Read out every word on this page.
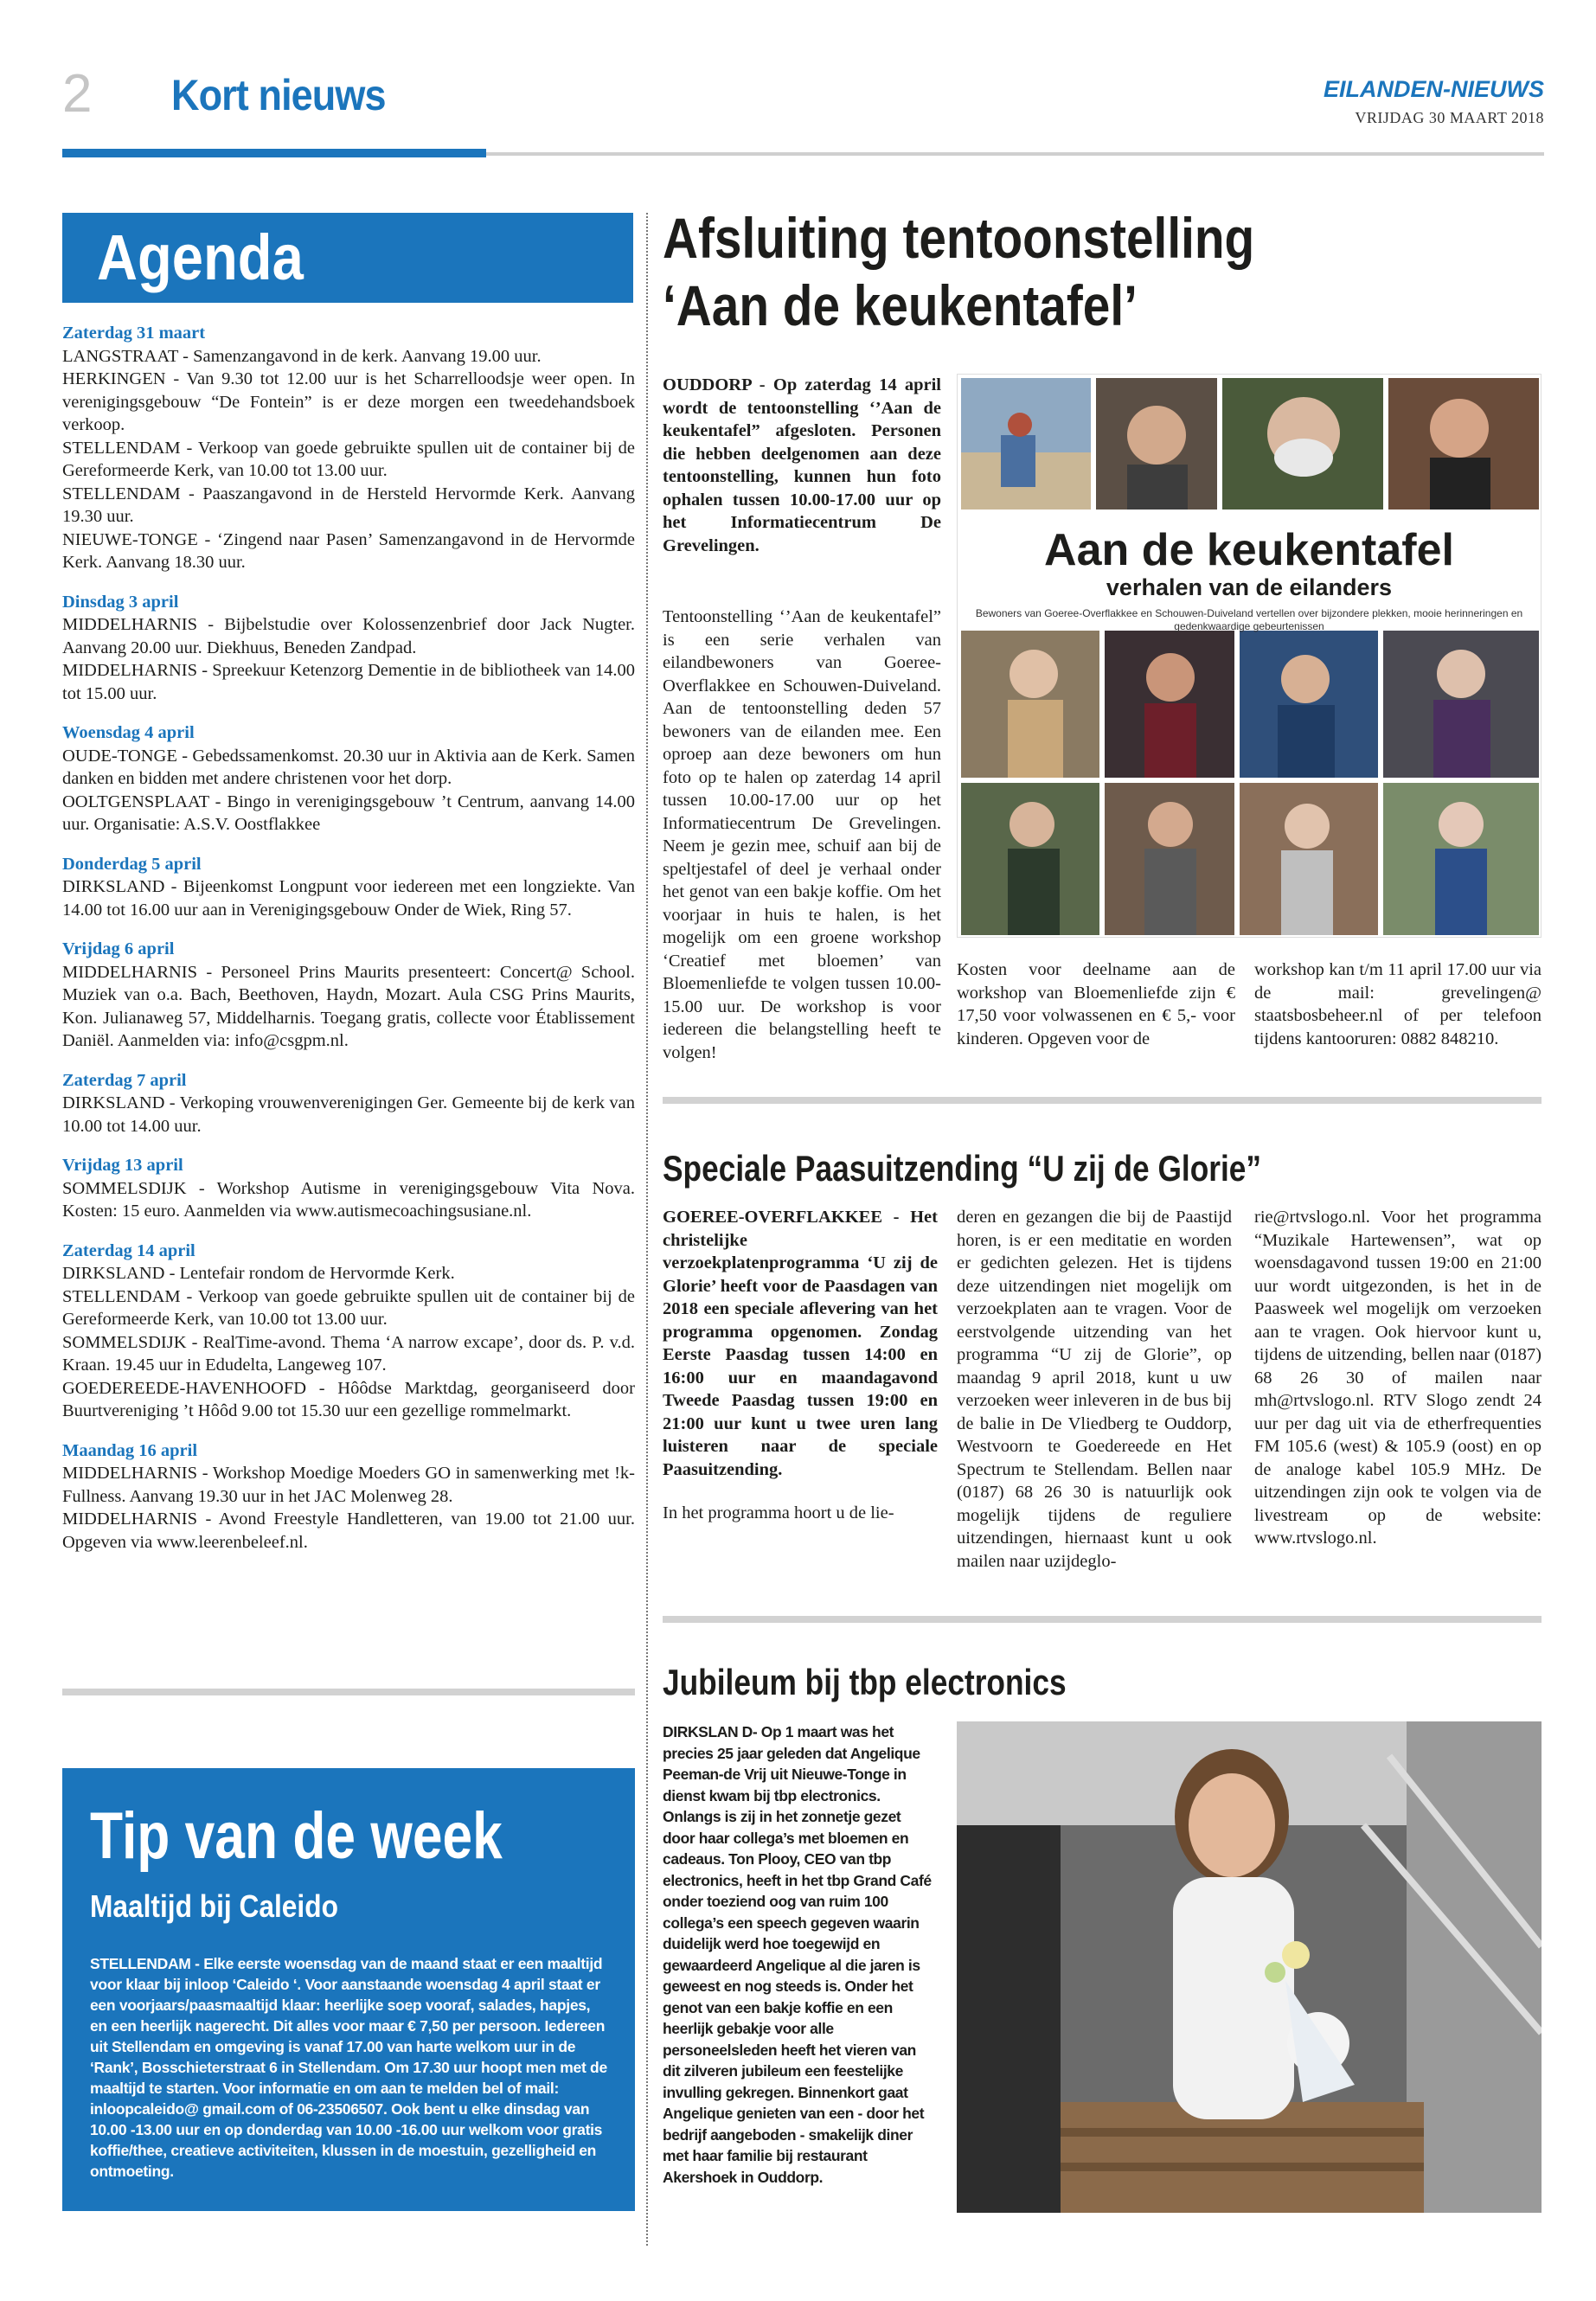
2 Kort nieuws	EILANDEN-NIEUWS
VRIJDAG 30 MAART 2018
Agenda
Zaterdag 31 maart
LANGSTRAAT - Samenzangavond in de kerk. Aanvang 19.00 uur.
HERKINGEN - Van 9.30 tot 12.00 uur is het Scharrelloodsje weer open. In verenigingsgebouw “De Fontein” is er deze morgen een tweedehandsboek verkoop.
STELLENDAM - Verkoop van goede gebruikte spullen uit de container bij de Gereformeerde Kerk, van 10.00 tot 13.00 uur.
STELLENDAM - Paaszangavond in de Hersteld Hervormde Kerk. Aanvang 19.30 uur.
NIEUWE-TONGE - ‘Zingend naar Pasen’ Samenzangavond in de Hervormde Kerk. Aanvang 18.30 uur.
Dinsdag 3 april
MIDDELHARNIS - Bijbelstudie over Kolossenzenbrief door Jack Nugter. Aanvang 20.00 uur. Diekhuus, Beneden Zandpad.
MIDDELHARNIS - Spreekuur Ketenzorg Dementie in de bibliotheek van 14.00 tot 15.00 uur.
Woensdag 4 april
OUDE-TONGE - Gebedssamenkomst. 20.30 uur in Aktivia aan de Kerk. Samen danken en bidden met andere christenen voor het dorp.
OOLTGENSPLAAT - Bingo in verenigingsgebouw ’t Centrum, aanvang 14.00 uur. Organisatie: A.S.V. Oostflakkee
Donderdag 5 april
DIRKSLAND - Bijeenkomst Longpunt voor iedereen met een longziekte. Van 14.00 tot 16.00 uur aan in Verenigingsgebouw Onder de Wiek, Ring 57.
Vrijdag 6 april
MIDDELHARNIS - Personeel Prins Maurits presenteert: Concert@ School. Muziek van o.a. Bach, Beethoven, Haydn, Mozart. Aula CSG Prins Maurits, Kon. Julianaweg 57, Middelharnis. Toegang gratis, collecte voor Établissement Daniël. Aanmelden via: info@csgpm.nl.
Zaterdag 7 april
DIRKSLAND - Verkoping vrouwenverenigingen Ger. Gemeente bij de kerk van 10.00 tot 14.00 uur.
Vrijdag 13 april
SOMMELSDIJK - Workshop Autisme in verenigingsgebouw Vita Nova. Kosten: 15 euro. Aanmelden via www.autismecoachingsusiane.nl.
Zaterdag 14 april
DIRKSLAND - Lentefair rondom de Hervormde Kerk.
STELLENDAM - Verkoop van goede gebruikte spullen uit de container bij de Gereformeerde Kerk, van 10.00 tot 13.00 uur.
SOMMELSDIJK - RealTime-avond. Thema ‘A narrow excape’, door ds. P. v.d. Kraan. 19.45 uur in Edudelta, Langeweg 107.
GOEDEREEDE-HAVENHOOFD - Hôôdse Marktdag, georganiseerd door Buurtvereniging ’t Hôôd 9.00 tot 15.30 uur een gezellige rommelmarkt.
Maandag 16 april
MIDDELHARNIS - Workshop Moedige Moeders GO in samenwerking met !k-Fullness. Aanvang 19.30 uur in het JAC Molenweg 28.
MIDDELHARNIS - Avond Freestyle Handletteren, van 19.00 tot 21.00 uur. Opgeven via www.leerenbeleef.nl.
Tip van de week
Maaltijd bij Caleido
STELLENDAM - Elke eerste woensdag van de maand staat er een maaltijd voor klaar bij inloop ‘Caleido ‘. Voor aanstaande woensdag 4 april staat er een voorjaars/paasmaaltijd klaar: heerlijke soep vooraf, salades, hapjes, en een heerlijk nagerecht. Dit alles voor maar € 7,50 per persoon. Iedereen uit Stellendam en omgeving is vanaf 17.00 van harte welkom uur in de ‘Rank’, Bosschieterstraat 6 in Stellendam. Om 17.30 uur hoopt men met de maaltijd te starten. Voor informatie en om aan te melden bel of mail: inloopcaleido@ gmail.com of 06-23506507. Ook bent u elke dinsdag van 10.00 -13.00 uur en op donderdag van 10.00 -16.00 uur welkom voor gratis koffie/thee, creatieve activiteiten, klussen in de moestuin, gezelligheid en ontmoeting.
Afsluiting tentoonstelling
‘Aan de keukentafel’
OUDDORP - Op zaterdag 14 april wordt de tentoonstelling ‘’Aan de keukentafel” afgesloten. Personen die hebben deelgenomen aan deze tentoonstelling, kunnen hun foto ophalen tussen 10.00-17.00 uur op het Informatiecentrum De Grevelingen.
Tentoonstelling ‘’Aan de keukentafel” is een serie verhalen van eilandbewoners van Goeree-Overflakkee en Schouwen-Duiveland. Aan de tentoonstelling deden 57 bewoners van de eilanden mee. Een oproep aan deze bewoners om hun foto op te halen op zaterdag 14 april tussen 10.00-17.00 uur op het Informatiecentrum De Grevelingen. Neem je gezin mee, schuif aan bij de speltjestafel of deel je verhaal onder het genot van een bakje koffie. Om het voorjaar in huis te halen, is het mogelijk om een groene workshop ‘Creatief met bloemen’ van Bloemenliefde te volgen tussen 10.00-15.00 uur. De workshop is voor iedereen die belangstelling heeft te volgen!
Aan de keukentafel
verhalen van de eilanders
Bewoners van Goeree-Overflakkee en Schouwen-Duiveland vertellen over bijzondere plekken, mooie herinneringen en gedenkwaardige gebeurtenissen
Kosten voor deelname aan de workshop van Bloemenliefde zijn € 17,50 voor volwassenen en € 5,- voor kinderen. Opgeven voor de
workshop kan t/m 11 april 17.00 uur via de mail: grevelingen@ staatsbosbeheer.nl of per telefoon tijdens kantooruren: 0882 848210.
Speciale Paasuitzending “U zij de Glorie”
GOEREE-OVERFLAKKEE - Het christelijke verzoekplatenprogramma ‘U zij de Glorie’ heeft voor de Paasdagen van 2018 een speciale aflevering van het programma opgenomen. Zondag Eerste Paasdag tussen 14:00 en 16:00 uur en maandagavond Tweede Paasdag tussen 19:00 en 21:00 uur kunt u twee uren lang luisteren naar de speciale Paasuitzending.
In het programma hoort u de lie-
deren en gezangen die bij de Paastijd horen, is er een meditatie en worden er gedichten gelezen. Het is tijdens deze uitzendingen niet mogelijk om verzoekplaten aan te vragen. Voor de eerstvolgende uitzending van het programma “U zij de Glorie”, op maandag 9 april 2018, kunt u uw verzoeken weer inleveren in de bus bij de balie in De Vliedberg te Ouddorp, Westvoorn te Goedereede en Het Spectrum te Stellendam. Bellen naar (0187) 68 26 30 is natuurlijk ook mogelijk tijdens de reguliere uitzendingen, hiernaast kunt u ook mailen naar uzijdeglo-
rie@rtvslogo.nl. Voor het programma “Muzikale Hartewensen”, wat op woensdagavond tussen 19:00 en 21:00 uur wordt uitgezonden, is het in de Paasweek wel mogelijk om verzoeken aan te vragen. Ook hiervoor kunt u, tijdens de uitzending, bellen naar (0187) 68 26 30 of mailen naar mh@rtvslogo.nl. RTV Slogo zendt 24 uur per dag uit via de etherfrequenties FM 105.6 (west) & 105.9 (oost) en op de analoge kabel 105.9 MHz. De uitzendingen zijn ook te volgen via de livestream op de website: www.rtvslogo.nl.
Jubileum bij tbp electronics
DIRKSLAN D- Op 1 maart was het precies 25 jaar geleden dat Angelique Peeman-de Vrij uit Nieuwe-Tonge in dienst kwam bij tbp electronics. Onlangs is zij in het zonnetje gezet door haar collega’s met bloemen en cadeaus. Ton Plooy, CEO van tbp electronics, heeft in het tbp Grand Café onder toeziend oog van ruim 100 collega’s een speech gegeven waarin duidelijk werd hoe toegewijd en gewaardeerd Angelique al die jaren is geweest en nog steeds is. Onder het genot van een bakje koffie en een heerlijk gebakje voor alle personeelsleden heeft het vieren van dit zilveren jubileum een feestelijke invulling gekregen. Binnenkort gaat Angelique genieten van een - door het bedrijf aangeboden - smakelijk diner met haar familie bij restaurant Akershoek in Ouddorp.
